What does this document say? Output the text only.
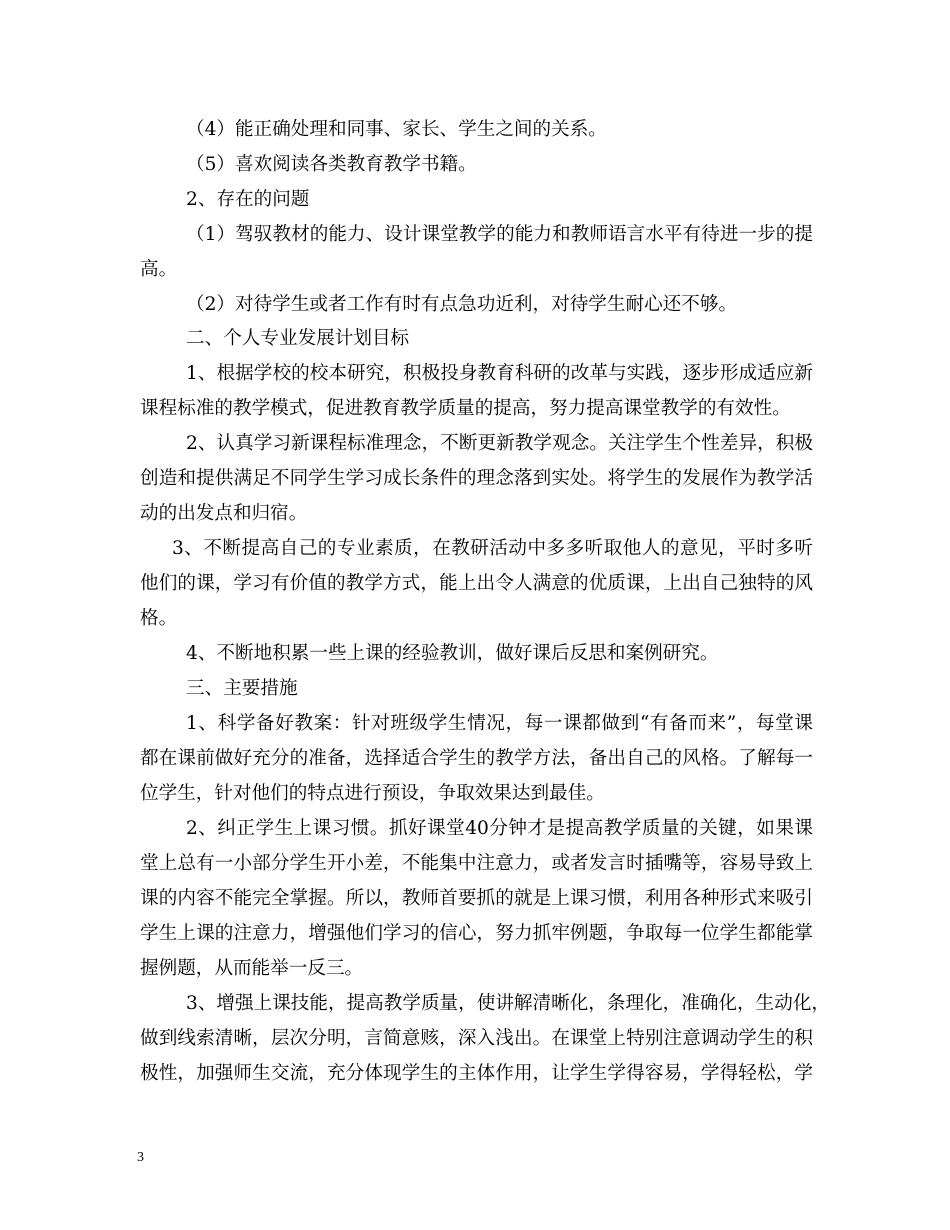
（4）能正确处理和同事、家长、学生之间的关系。
（5）喜欢阅读各类教育教学书籍。
2、存在的问题
（1）驾驭教材的能力、设计课堂教学的能力和教师语言水平有待进一步的提
高。
（2）对待学生或者工作有时有点急功近利，对待学生耐心还不够。
二、个人专业发展计划目标
1、根据学校的校本研究，积极投身教育科研的改革与实践，逐步形成适应新
课程标准的教学模式，促进教育教学质量的提高，努力提高课堂教学的有效性。
2、认真学习新课程标准理念，不断更新教学观念。关注学生个性差异，积极
创造和提供满足不同学生学习成长条件的理念落到实处。将学生的发展作为教学活
动的出发点和归宿。
3、不断提高自己的专业素质，在教研活动中多多听取他人的意见，平时多听
他们的课，学习有价值的教学方式，能上出令人满意的优质课，上出自己独特的风
格。
4、不断地积累一些上课的经验教训，做好课后反思和案例研究。
三、主要措施
1、科学备好教案：针对班级学生情况，每一课都做到“有备而来”，每堂课
都在课前做好充分的准备，选择适合学生的教学方法，备出自己的风格。了解每一
位学生，针对他们的特点进行预设，争取效果达到最佳。
2、纠正学生上课习惯。抓好课堂40分钟才是提高教学质量的关键，如果课
堂上总有一小部分学生开小差，不能集中注意力，或者发言时插嘴等，容易导致上
课的内容不能完全掌握。所以，教师首要抓的就是上课习惯，利用各种形式来吸引
学生上课的注意力，增强他们学习的信心，努力抓牢例题，争取每一位学生都能掌
握例题，从而能举一反三。
3、增强上课技能，提高教学质量，使讲解清晰化，条理化，准确化，生动化，
做到线索清晰，层次分明，言简意赅，深入浅出。在课堂上特别注意调动学生的积
极性，加强师生交流，充分体现学生的主体作用，让学生学得容易，学得轻松，学
3
